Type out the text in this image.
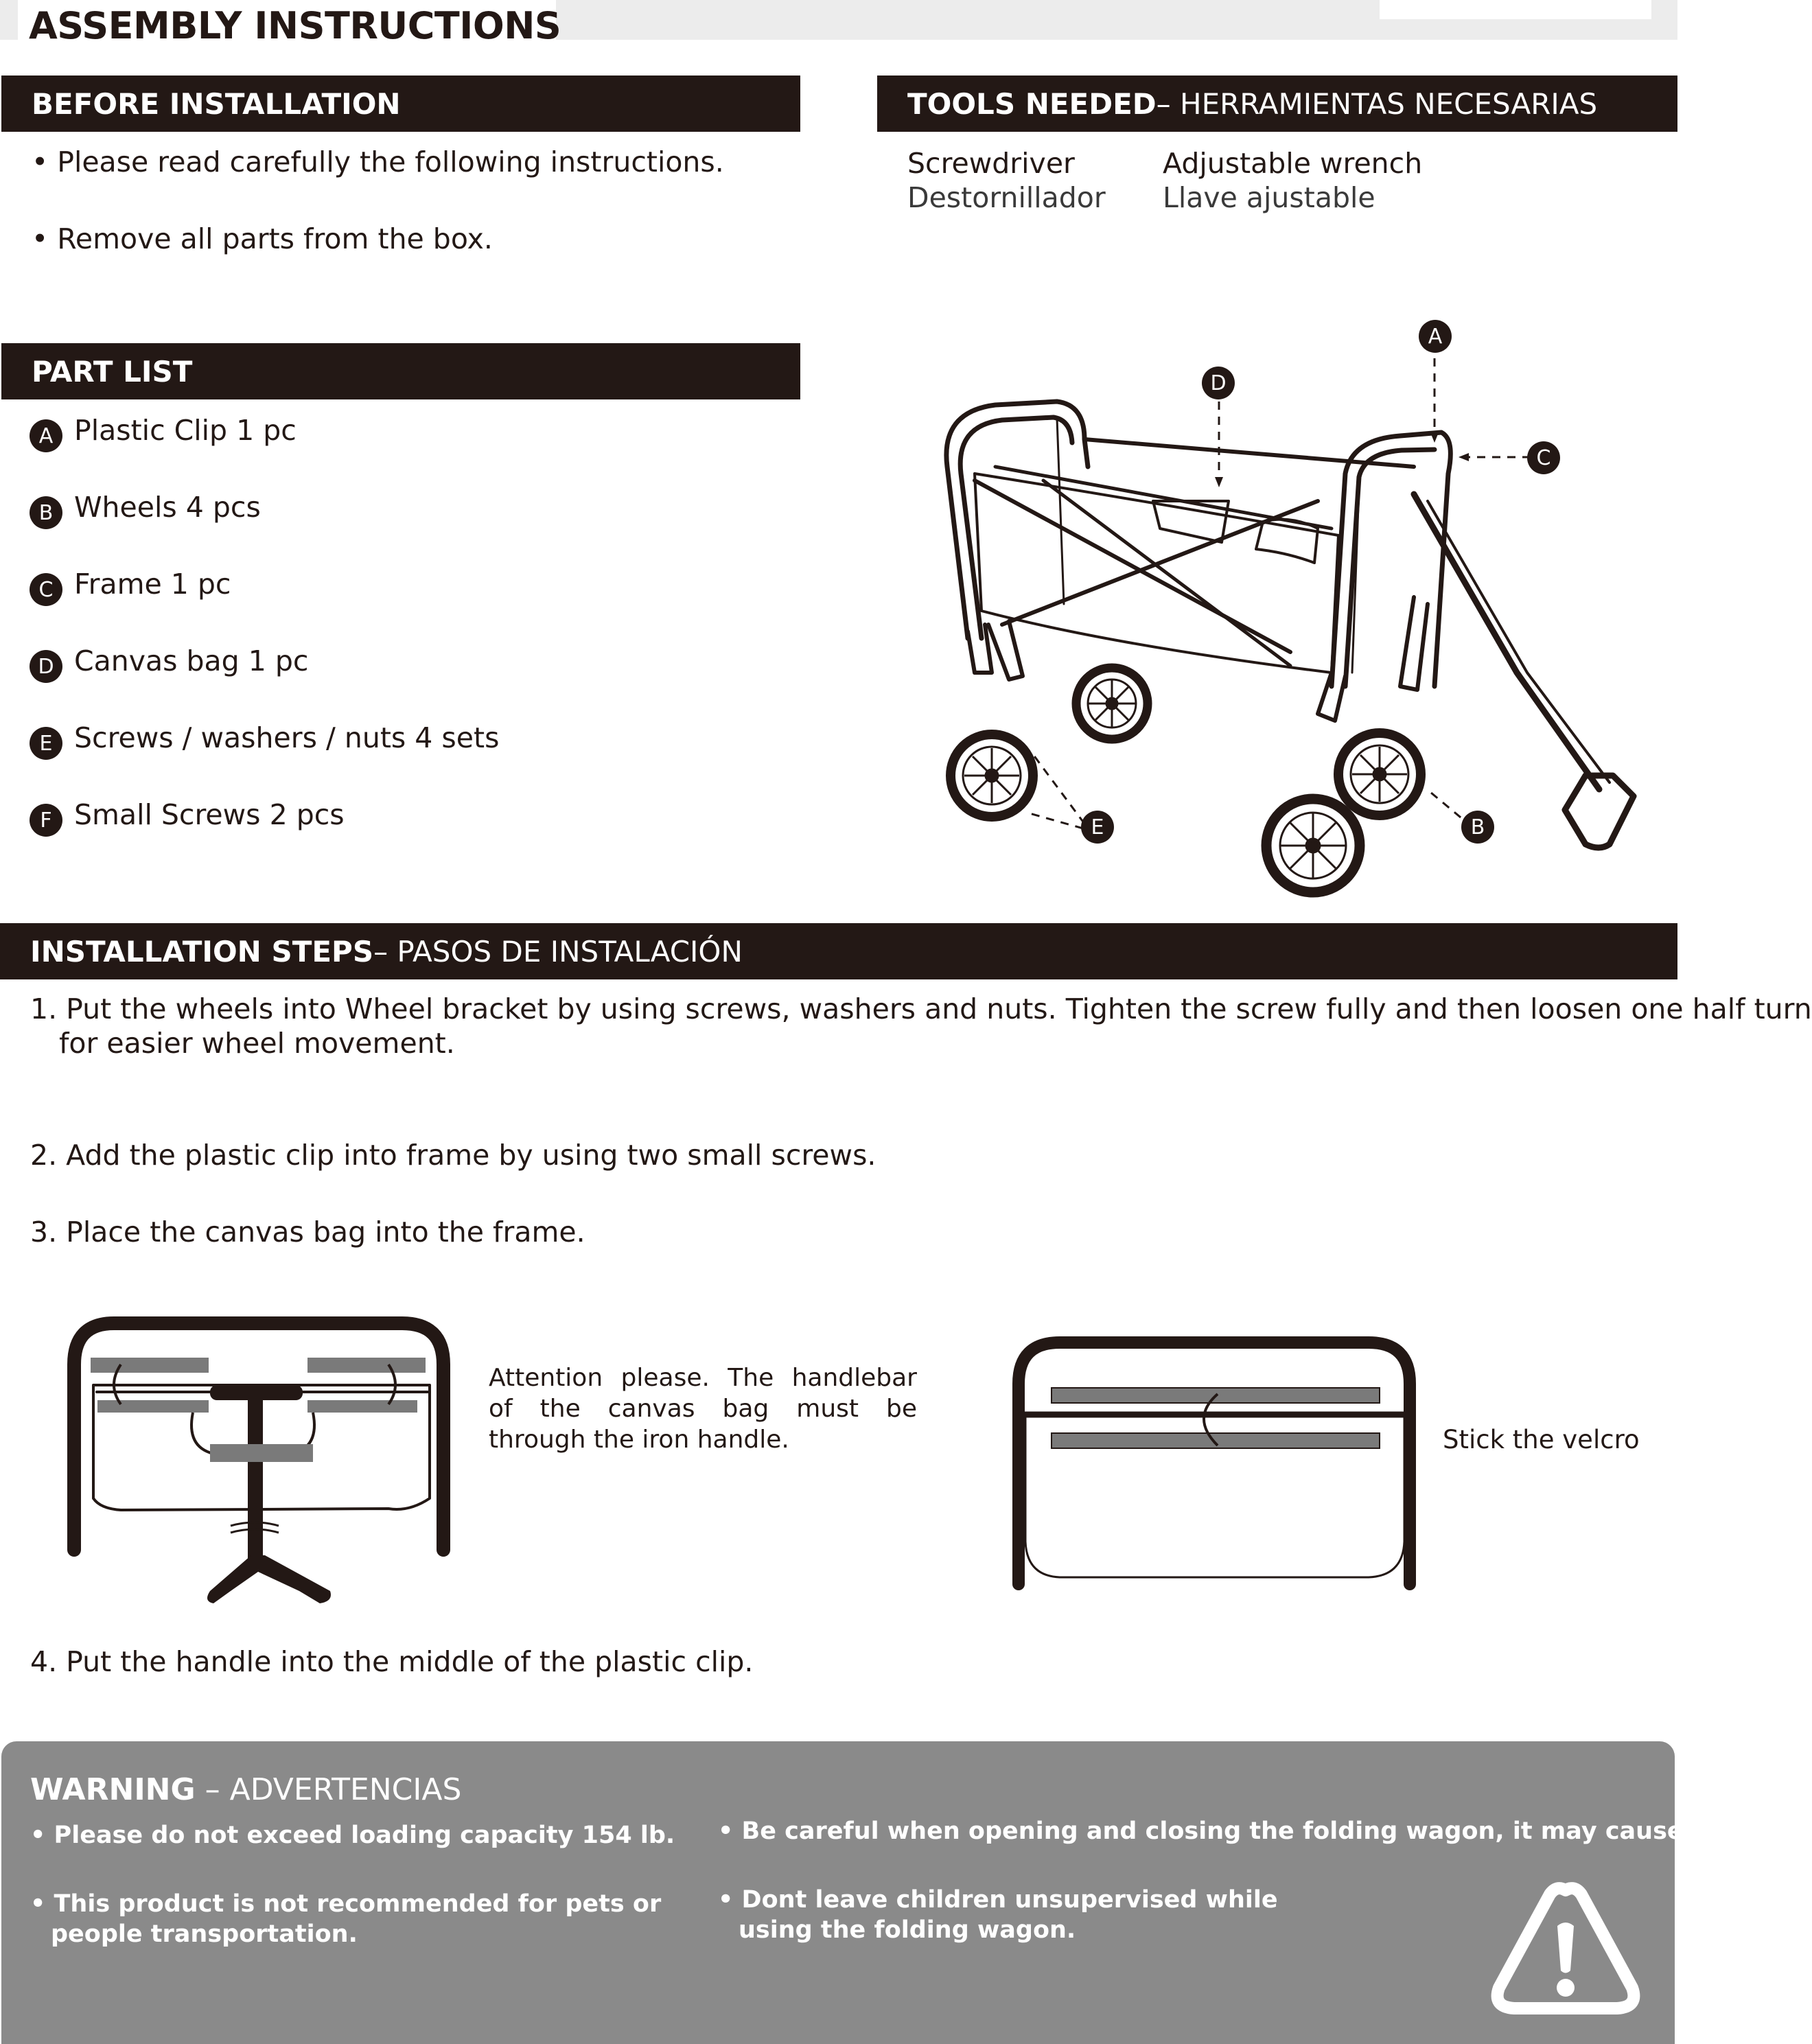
ASSEMBLY INSTRUCTIONS
BEFORE INSTALLATION
• Please read carefully the following instructions.
• Remove all parts from the box.
TOOLS NEEDED – HERRAMIENTAS NECESARIAS
Screwdriver
Destornillador
Adjustable wrench
Llave ajustable
PART LIST
A Plastic Clip 1 pc
B Wheels 4 pcs
C Frame 1 pc
D Canvas bag 1 pc
E Screws / washers / nuts 4 sets
F Small Screws 2 pcs
A
D
C
E	B
INSTALLATION STEPS – PASOS DE INSTALACIÓN
1. Put the wheels into Wheel bracket by using screws, washers and nuts. Tighten the screw fully and then loosen one half turn
for easier wheel movement.
2. Add the plastic clip into frame by using two small screws.
3. Place the canvas bag into the frame.
Attention please. The handlebar of the canvas bag must be through the iron handle.	Stick the velcro
4. Put the handle into the middle of the plastic clip.
WARNING – ADVERTENCIAS
• Please do not exceed loading capacity 154 lb.
• This product is not recommended for pets or people transportation.
• Be careful when opening and closing the folding wagon, it may cause injuries.
• Dont leave children unsupervised while using the folding wagon.
